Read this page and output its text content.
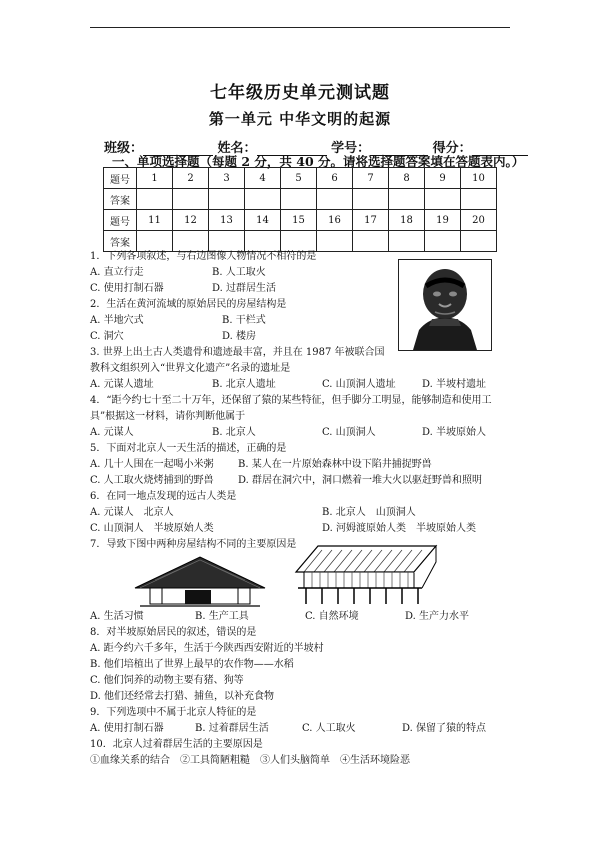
七年级历史单元测试题
第一单元 中华文明的起源
班级：	姓名：	学号：	得分：
一、单项选择题（每题 2 分，共 40 分。请将选择题答案填在答题表内。）
题号	1	2	3	4	5	6	7	8	9	10
答案										
题号	11	12	13	14	15	16	17	18	19	20
答案										
1．下列各项叙述，与右边图像人物情况不相符的是
A. 直立行走	B. 人工取火
C. 使用打制石器	D. 过群居生活
2．生活在黄河流域的原始居民的房屋结构是
A. 半地穴式	B. 干栏式
C. 洞穴	D. 楼房
3. 世界上出土古人类遗骨和遗迹最丰富，并且在 1987 年被联合国
教科文组织列入“世界文化遗产”名录的遗址是
A. 元谋人遗址	B. 北京人遗址	C. 山顶洞人遗址	D. 半坡村遗址
4．“距今约七十至二十万年，还保留了猿的某些特征，但手脚分工明显，能够制造和使用工
具”根据这一材料，请你判断他属于
A. 元谋人	B. 北京人	C. 山顶洞人	D. 半坡原始人
5．下面对北京人一天生活的描述，正确的是
A. 几十人围在一起喝小米粥 B. 某人在一片原始森林中设下陷井捕捉野兽
C. 人工取火烧烤捕到的野兽 D. 群居在洞穴中，洞口燃着一堆大火以驱赶野兽和照明
6．在同一地点发现的远古人类是
A. 元谋人　北京人	B. 北京人　山顶洞人
C. 山顶洞人　半坡原始人类	D. 河姆渡原始人类　半坡原始人类
7．导致下图中两种房屋结构不同的主要原因是
A. 生活习惯	B. 生产工具	C. 自然环境	D. 生产力水平
8．对半坡原始居民的叙述，错误的是
A. 距今约六千多年，生活于今陕西西安附近的半坡村
B. 他们培植出了世界上最早的农作物——水稻
C. 他们饲养的动物主要有猪、狗等
D. 他们还经常去打猎、捕鱼，以补充食物
9．下列选项中不属于北京人特征的是
A. 使用打制石器	B. 过着群居生活	C. 人工取火	D. 保留了猿的特点
10．北京人过着群居生活的主要原因是
①血缘关系的结合　②工具简陋粗糙　③人们头脑简单　④生活环境险恶
